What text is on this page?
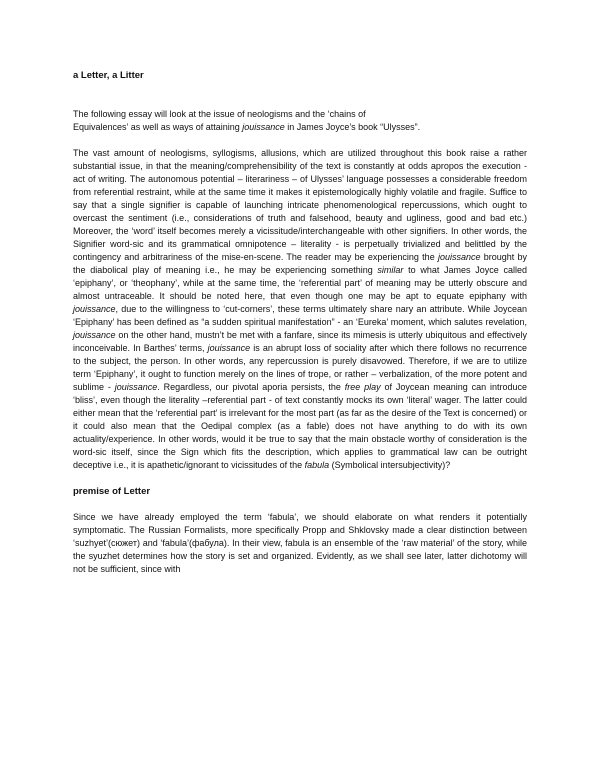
a Letter, a Litter

The following essay will look at the issue of neologisms and the ‘chains of
Equivalences’ as well as ways of attaining jouissance in James Joyce’s book “Ulysses”.

The vast amount of neologisms, syllogisms, allusions, which are utilized throughout this book raise a rather substantial issue, in that the meaning/comprehensibility of the text is constantly at odds apropos the execution - act of writing. The autonomous potential – literariness – of Ulysses’ language possesses a considerable freedom from referential restraint, while at the same time it makes it epistemologically highly volatile and fragile. Suffice to say that a single signifier is capable of launching intricate phenomenological repercussions, which ought to overcast the sentiment (i.e., considerations of truth and falsehood, beauty and ugliness, good and bad etc.) Moreover, the ‘word’ itself becomes merely a vicissitude/interchangeable with other signifiers. In other words, the Signifier word-sic and its grammatical omnipotence – literality - is perpetually trivialized and belittled by the contingency and arbitrariness of the mise-en-scene. The reader may be experiencing the jouissance brought by the diabolical play of meaning i.e., he may be experiencing something similar to what James Joyce called ‘epiphany’, or ‘theophany’, while at the same time, the ‘referential part’ of meaning may be utterly obscure and almost untraceable. It should be noted here, that even though one may be apt to equate epiphany with jouissance, due to the willingness to ‘cut-corners’, these terms ultimately share nary an attribute. While Joycean ‘Epiphany’ has been defined as “a sudden spiritual manifestation” - an ‘Eureka’ moment, which salutes revelation, jouissance on the other hand, mustn’t be met with a fanfare, since its mimesis is utterly ubiquitous and effectively inconceivable. In Barthes’ terms, jouissance is an abrupt loss of sociality after which there follows no recurrence to the subject, the person. In other words, any repercussion is purely disavowed. Therefore, if we are to utilize term ‘Epiphany’, it ought to function merely on the lines of trope, or rather – verbalization, of the more potent and sublime - jouissance. Regardless, our pivotal aporia persists, the free play of Joycean meaning can introduce ‘bliss’, even though the literality –referential part - of text constantly mocks its own ‘literal’ wager. The latter could either mean that the ‘referential part’ is irrelevant for the most part (as far as the desire of the Text is concerned) or it could also mean that the Oedipal complex (as a fable) does not have anything to do with its own actuality/experience. In other words, would it be true to say that the main obstacle worthy of consideration is the word-sic itself, since the Sign which fits the description, which applies to grammatical law can be outright deceptive i.e., it is apathetic/ignorant to vicissitudes of the fabula (Symbolical intersubjectivity)?

premise of Letter

Since we have already employed the term ‘fabula’, we should elaborate on what renders it potentially symptomatic. The Russian Formalists, more specifically Propp and Shklovsky made a clear distinction between ‘suzhyet’(сюжет) and ‘fabula’(фабула). In their view, fabula is an ensemble of the ‘raw material’ of the story, while the syuzhet determines how the story is set and organized. Evidently, as we shall see later, latter dichotomy will not be sufficient, since with
